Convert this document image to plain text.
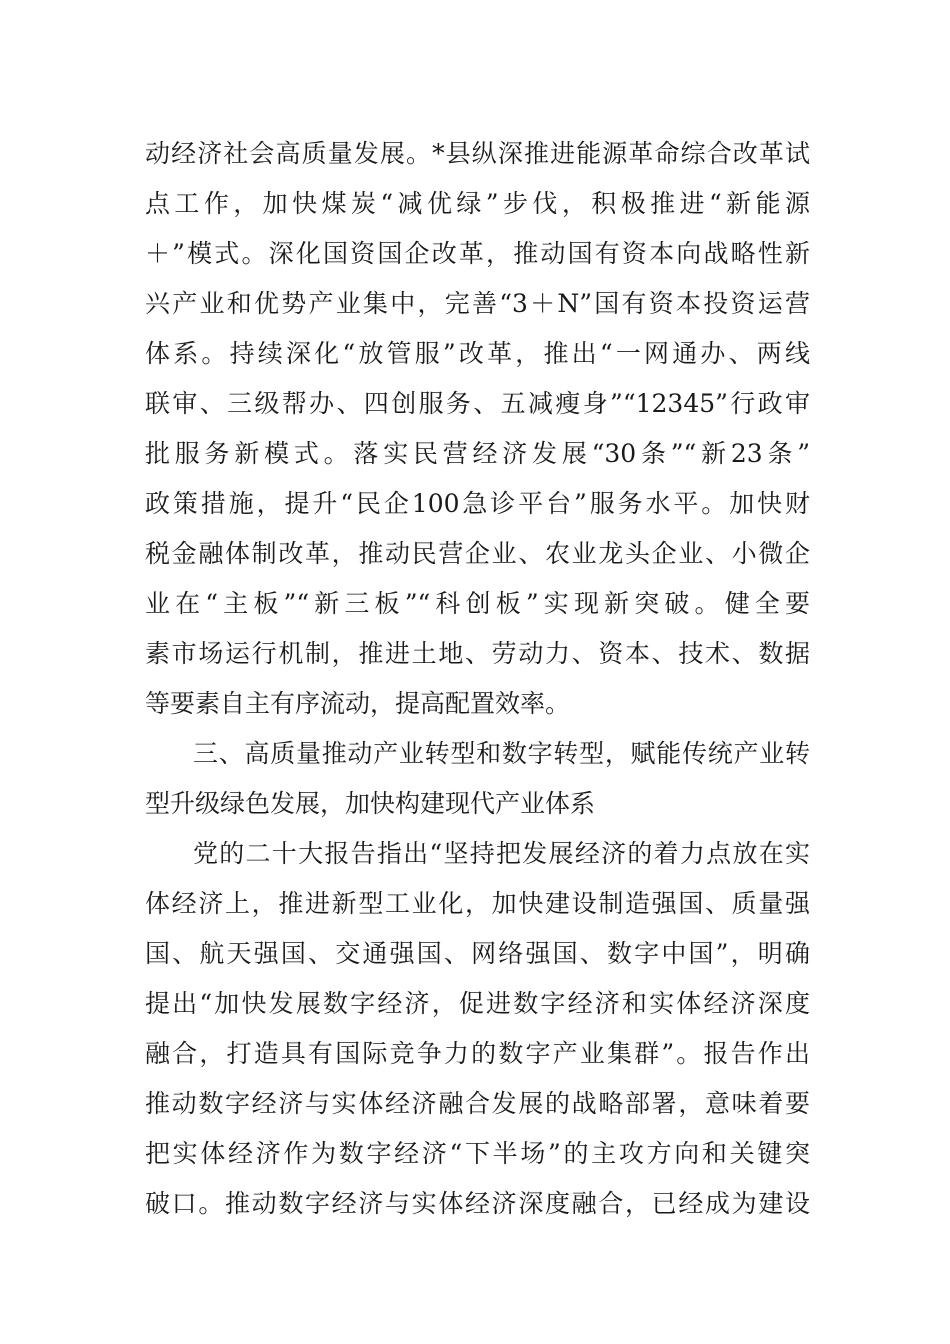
动经济社会高质量发展。*县纵深推进能源革命综合改革试
点工作，加快煤炭“减优绿”步伐，积极推进“新能源
＋”模式。深化国资国企改革，推动国有资本向战略性新
兴产业和优势产业集中，完善“3＋N”国有资本投资运营
体系。持续深化“放管服”改革，推出“一网通办、两线
联审、三级帮办、四创服务、五减瘦身”“12345”行政审
批服务新模式。落实民营经济发展“30条”“新23条”
政策措施，提升“民企100急诊平台”服务水平。加快财
税金融体制改革，推动民营企业、农业龙头企业、小微企
业在“主板”“新三板”“科创板”实现新突破。健全要
素市场运行机制，推进土地、劳动力、资本、技术、数据
等要素自主有序流动，提高配置效率。
三、高质量推动产业转型和数字转型，赋能传统产业转
型升级绿色发展，加快构建现代产业体系
党的二十大报告指出“坚持把发展经济的着力点放在实
体经济上，推进新型工业化，加快建设制造强国、质量强
国、航天强国、交通强国、网络强国、数字中国”，明确
提出“加快发展数字经济，促进数字经济和实体经济深度
融合，打造具有国际竞争力的数字产业集群”。报告作出
推动数字经济与实体经济融合发展的战略部署，意味着要
把实体经济作为数字经济“下半场”的主攻方向和关键突
破口。推动数字经济与实体经济深度融合，已经成为建设
